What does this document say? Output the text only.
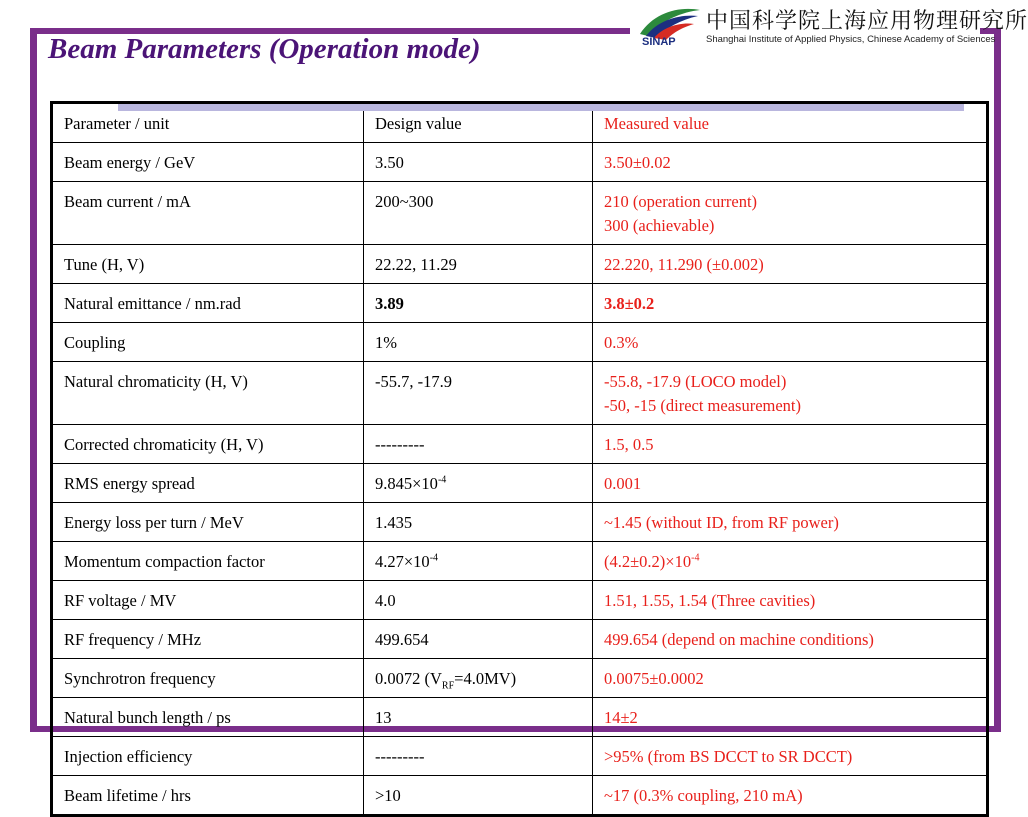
Beam Parameters (Operation mode)	SINAP
中国科学院上海应用物理研究所
Shanghai Institute of Applied Physics, Chinese Academy of Sciences
Parameter / unit	Design value	Measured value
Beam energy / GeV	3.50	3.50±0.02
Beam current / mA	200~300	210 (operation current)
300 (achievable)

Tune (H, V)	22.22, 11.29	22.220, 11.290 (±0.002)
Natural emittance / nm.rad	3.89	3.8±0.2
Coupling	1%	0.3%
Natural chromaticity (H, V)	-55.7, -17.9	-55.8, -17.9 (LOCO model)
-50, -15 (direct measurement)

Corrected chromaticity (H, V)	---------	1.5, 0.5
RMS energy spread	$9.845\times 10^{-4}$	0.001
Energy loss per turn / MeV	1.435	~1.45 (without ID, from RF power)
Momentum compaction factor	$4.27\times 10^{-4}$	$(4.2\pm 0.2)\times 10^{-4}$
RF voltage / MV	4.0	1.51, 1.55, 1.54 (Three cavities)
RF frequency / MHz	499.654	499.654 (depend on machine conditions)
Synchrotron frequency	0.0072 $(V_{RF}=4.0MV)$	0.0075±0.0002
Natural bunch length / ps	13	14±2
Injection efficiency	---------	>95% (from BS DCCT to SR DCCT)
Beam lifetime / hrs	>10	~17 (0.3% coupling, 210 mA)
